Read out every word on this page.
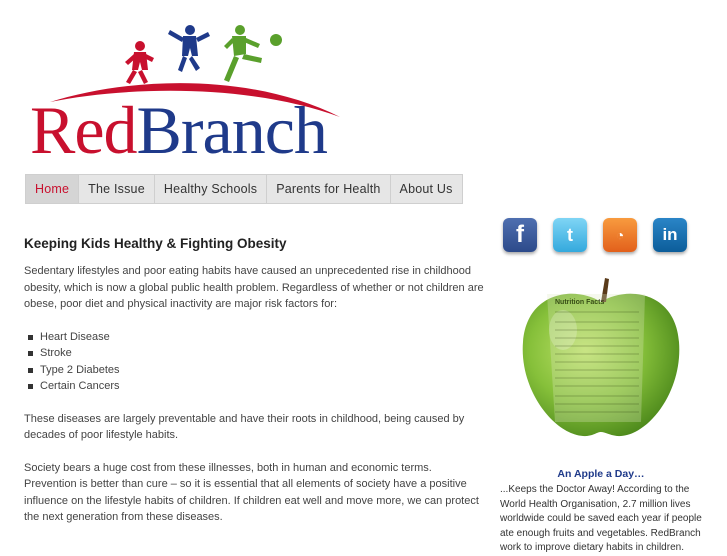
RedBranch
Home	The Issue	Healthy Schools	Parents for Health	About Us
Keeping Kids Healthy & Fighting Obesity

Sedentary lifestyles and poor eating habits have caused an unprecedented rise in childhood obesity, which is now a global public health problem. Regardless of whether or not children are obese, poor diet and physical inactivity are major risk factors for:

Heart Disease
Stroke
Type 2 Diabetes
Certain Cancers

These diseases are largely preventable and have their roots in childhood, being caused by decades of poor lifestyle habits.

Society bears a huge cost from these illnesses, both in human and economic terms. Prevention is better than cure – so it is essential that all elements of society have a positive influence on the lifestyle habits of children. If children eat well and move more, we can protect the next generation from these diseases.

f	t	◔	in
Nutrition Facts
An Apple a Day…

...Keeps the Doctor Away! According to the World Health Organisation, 2.7 million lives worldwide could be saved each year if people ate enough fruits and vegetables. RedBranch work to improve dietary habits in children.
